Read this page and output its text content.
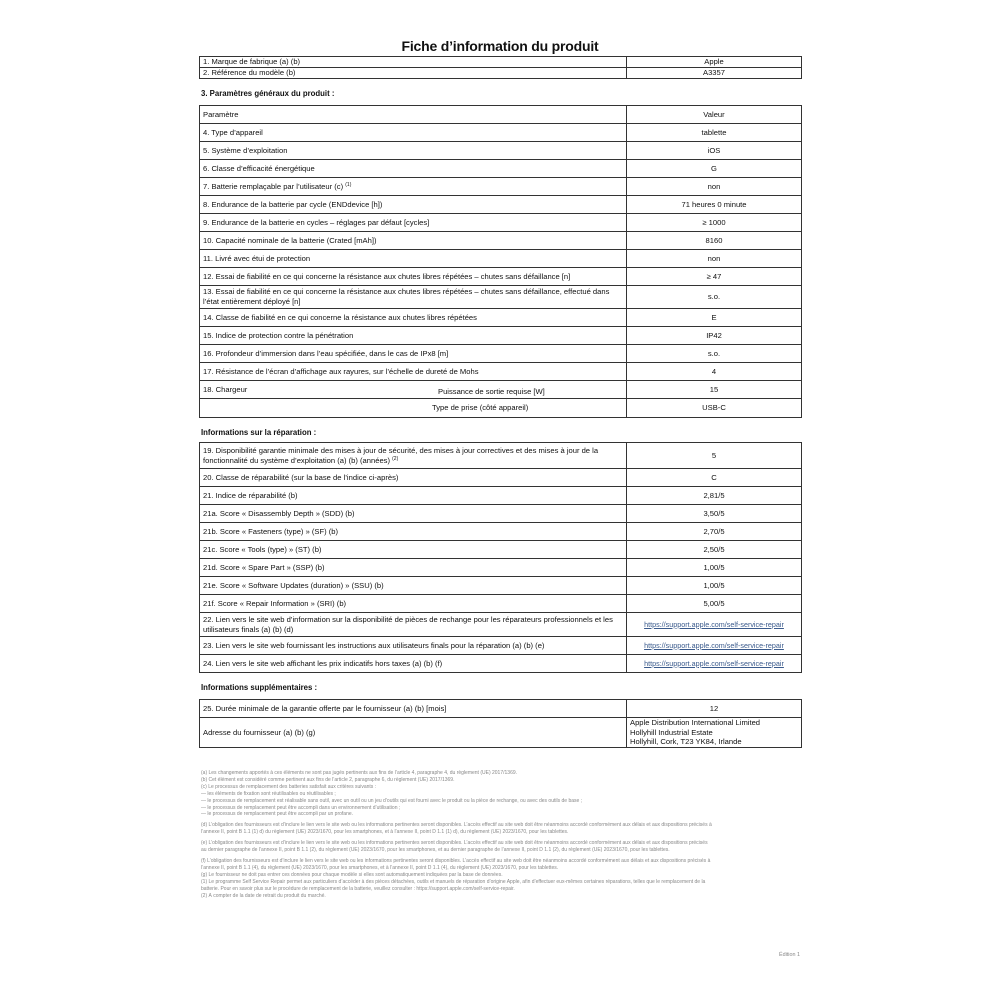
Fiche d’information du produit
1. Marque de fabrique (a) (b)	Apple
2. Référence du modèle (b)	A3357
3. Paramètres généraux du produit :
Paramètre	Valeur
4. Type d’appareil	tablette
5. Système d’exploitation	iOS
6. Classe d’efficacité énergétique	G
7. Batterie remplaçable par l’utilisateur (c) $^{(1)}$	non
8. Endurance de la batterie par cycle (ENDdevice [h])	71 heures 0 minute
9. Endurance de la batterie en cycles – réglages par défaut [cycles]	≥ 1000
10. Capacité nominale de la batterie (Crated [mAh])	8160
11. Livré avec étui de protection	non
12. Essai de fiabilité en ce qui concerne la résistance aux chutes libres répétées – chutes sans défaillance [n]	≥ 47
13. Essai de fiabilité en ce qui concerne la résistance aux chutes libres répétées – chutes sans défaillance, effectué dans l’état entièrement déployé [n]	s.o.
14. Classe de fiabilité en ce qui concerne la résistance aux chutes libres répétées	E
15. Indice de protection contre la pénétration	IP42
16. Profondeur d’immersion dans l’eau spécifiée, dans le cas de IPx8 [m]	s.o.
17. Résistance de l’écran d’affichage aux rayures, sur l’échelle de dureté de Mohs	4

18. Chargeur Puissance de sortie requise [W]	15

Type de prise (côté appareil)	USB-C
Informations sur la réparation :
19. Disponibilité garantie minimale des mises à jour de sécurité, des mises à jour correctives et des mises à jour de la fonctionnalité du système d’exploitation (a) (b) (années) $^{(2)}$	5
20. Classe de réparabilité (sur la base de l’indice ci-après)	C
21. Indice de réparabilité (b)	2,81/5
21a. Score « Disassembly Depth » (SDD) (b)	3,50/5
21b. Score « Fasteners (type) » (SF) (b)	2,70/5
21c. Score « Tools (type) » (ST) (b)	2,50/5
21d. Score « Spare Part » (SSP) (b)	1,00/5
21e. Score « Software Updates (duration) » (SSU) (b)	1,00/5
21f. Score « Repair Information » (SRI) (b)	5,00/5
22. Lien vers le site web d’information sur la disponibilité de pièces de rechange pour les réparateurs professionnels et les utilisateurs finals (a) (b) (d)	https://support.apple.com/self-service-repair
23. Lien vers le site web fournissant les instructions aux utilisateurs finals pour la réparation (a) (b) (e)	https://support.apple.com/self-service-repair
24. Lien vers le site web affichant les prix indicatifs hors taxes (a) (b) (f)	https://support.apple.com/self-service-repair
Informations supplémentaires :
25. Durée minimale de la garantie offerte par le fournisseur (a) (b) [mois]	12
Adresse du fournisseur (a) (b) (g)	Apple Distribution International Limited
Hollyhill Industrial Estate
Hollyhill, Cork, T23 YK84, Irlande

(a) Les changements apportés à ces éléments ne sont pas jugés pertinents aux fins de l’article 4, paragraphe 4, du règlement (UE) 2017/1369.

(b) Cet élément est considéré comme pertinent aux fins de l’article 2, paragraphe 6, du règlement (UE) 2017/1369.

(c) Le processus de remplacement des batteries satisfait aux critères suivants :

— les éléments de fixation sont réutilisables ou réutilisables ;

— le processus de remplacement est réalisable sans outil, avec un outil ou un jeu d’outils qui est fourni avec le produit ou la pièce de rechange, ou avec des outils de base ;

— le processus de remplacement peut être accompli dans un environnement d’utilisation ;

— le processus de remplacement peut être accompli par un profane.

(d) L’obligation des fournisseurs est d’inclure le lien vers le site web ou les informations pertinentes seront disponibles. L’accès effectif au site web doit être néanmoins accordé conformément aux délais et aux dispositions précisés à

l’annexe II, point B 1.1 (1) d) du règlement (UE) 2023/1670, pour les smartphones, et à l’annexe II, point D 1.1 (1) d), du règlement (UE) 2023/1670, pour les tablettes.

(e) L’obligation des fournisseurs est d’inclure le lien vers le site web ou les informations pertinentes seront disponibles. L’accès effectif au site web doit être néanmoins accordé conformément aux délais et aux dispositions précisés

au dernier paragraphe de l’annexe II, point B 1.1 (2), du règlement (UE) 2023/1670, pour les smartphones, et au dernier paragraphe de l’annexe II, point D 1.1 (2), du règlement (UE) 2023/1670, pour les tablettes.

(f) L’obligation des fournisseurs est d’inclure le lien vers le site web ou les informations pertinentes seront disponibles. L’accès effectif au site web doit être néanmoins accordé conformément aux délais et aux dispositions précisés à

l’annexe II, point B 1.1 (4), du règlement (UE) 2023/1670, pour les smartphones, et à l’annexe II, point D 1.1 (4), du règlement (UE) 2023/1670, pour les tablettes.

(g) Le fournisseur ne doit pas entrer ces données pour chaque modèle si elles sont automatiquement indiquées par la base de données.

(1) Le programme Self Service Repair permet aux particuliers d’accéder à des pièces détachées, outils et manuels de réparation d’origine Apple, afin d’effectuer eux-mêmes certaines réparations, telles que le remplacement de la

batterie. Pour en savoir plus sur le procédure de remplacement de la batterie, veuillez consulter : https://support.apple.com/self-service-repair.

(2) À compter de la date de retrait du produit du marché.

Édition 1
